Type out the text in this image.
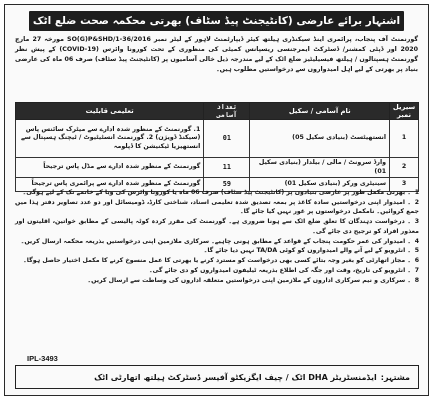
اشتہار برائے عارضی (کانٹیجنٹ پیڈ سٹاف) بھرتی محکمہ صحت ضلع اٹک
گورنمنٹ آف پنجاب، پرائمری اینڈ سیکنڈری ہیلتھ کیئر ڈیپارٹمنٹ لاہور کے لیٹر نمبر SO(G)P&SHD/1-36/2016 مورخہ 27 مارچ 2020 اور ڈپٹی کمشنر/ ڈسٹرکٹ ایمرجنسی ریسپانس کمیٹی کی منظوری کے تحت کورونا وائرس (COVID-19) کے پیش نظر گورنمنٹ ہسپتالوں / ہیلتھ فیسیلیٹیز ضلع اٹک کے لیے مندرجہ ذیل خالی آسامیوں پر (کانٹیجنٹ پیڈ سٹاف) صرف 06 ماہ کی عارضی بنیاد پر بھرتی کے لیے اہل امیدواروں سے درخواستیں مطلوب ہیں۔
سیریل نمبر	نام آسامی / سکیل	تعداد آسامی	تعلیمی قابلیت
1	انستھیٹسٹ (بنیادی سکیل 05)	01	1. گورنمنٹ کے منظور شدہ ادارے سے میٹرک سائنس پاس (سیکنڈ ڈویژن) 2. گورنمنٹ انسٹیٹیوٹ / ٹیچنگ ہسپتال سے انستھیزیا ٹیکنیشن کا ڈپلومہ
2	وارڈ سرونٹ / مالی / بیلدار (بنیادی سکیل 01)	11	گورنمنٹ کے منظور شدہ ادارے سے مڈل پاس ترجیحاً
3	سینیٹری ورکر (بنیادی سکیل 01)	59	گورنمنٹ کے منظور شدہ ادارے سے پرائمری پاس ترجیحاً
1۔ بھرتی مکمل طور پر عارضی بنیادوں پر (کانٹیجنٹ پیڈ سٹاف) صرف 06 ماہ یا کورونا وائرس کی وبا کے خاتمے تک کے لیے ہوگی۔
2۔ امیدوار اپنی درخواستیں سادہ کاغذ پر بمعہ تصدیق شدہ تعلیمی اسناد، شناختی کارڈ، ڈومیسائل اور دو عدد تصاویر دفتر ہذا میں جمع کروائیں۔ نامکمل درخواستوں پر غور نہیں کیا جائے گا۔
3۔ درخواست دہندگان کا تعلق ضلع اٹک سے ہونا ضروری ہے۔ گورنمنٹ کی مقرر کردہ کوٹہ پالیسی کے مطابق خواتین، اقلیتوں اور معذور افراد کو ترجیح دی جائے گی۔
4۔ امیدوار کی عمر حکومت پنجاب کے قواعد کے مطابق ہونی چاہیے۔ سرکاری ملازمین اپنی درخواستیں بذریعہ محکمہ ارسال کریں۔
5۔ انٹرویو کے لیے آنے والے امیدواروں کو کوئی TA/DA نہیں دیا جائے گا۔
6۔ مجاز اتھارٹی کو بغیر وجہ بتائے کسی بھی درخواست کو مسترد کرنے یا بھرتی کا عمل منسوخ کرنے کا مکمل اختیار حاصل ہوگا۔
7۔ انٹرویو کی تاریخ، وقت اور جگہ کی اطلاع بذریعہ ٹیلیفون امیدواروں کو دی جائے گی۔
8۔ سرکاری و نیم سرکاری اداروں کے ملازمین اپنی درخواستیں متعلقہ اداروں کی وساطت سے ارسال کریں۔
IPL-3493
مشتہر:
ایڈمنسٹریٹر DHA اٹک / چیف ایگزیکٹو آفیسر ڈسٹرکٹ ہیلتھ اتھارٹی اٹک
